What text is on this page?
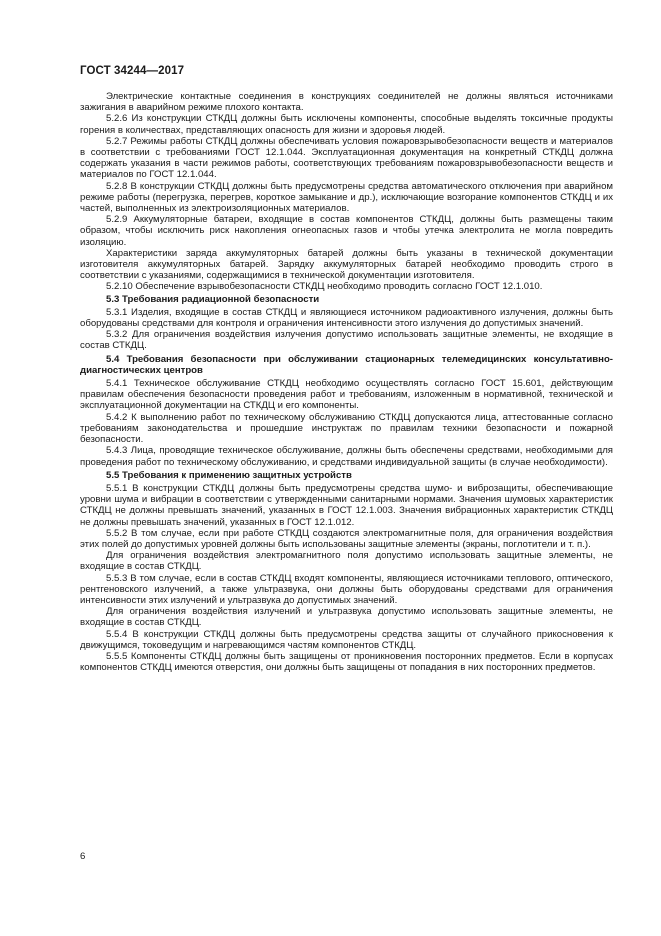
ГОСТ 34244—2017

Электрические контактные соединения в конструкциях соединителей не должны являться источниками зажигания в аварийном режиме плохого контакта.

5.2.6 Из конструкции СТКДЦ должны быть исключены компоненты, способные выделять токсичные продукты горения в количествах, представляющих опасность для жизни и здоровья людей.

5.2.7 Режимы работы СТКДЦ должны обеспечивать условия пожаровзрывобезопасности веществ и материалов в соответствии с требованиями ГОСТ 12.1.044. Эксплуатационная документация на конкретный СТКДЦ должна содержать указания в части режимов работы, соответствующих требованиям пожаровзрывобезопасности веществ и материалов по ГОСТ 12.1.044.

5.2.8 В конструкции СТКДЦ должны быть предусмотрены средства автоматического отключения при аварийном режиме работы (перегрузка, перегрев, короткое замыкание и др.), исключающие возгорание компонентов СТКДЦ и их частей, выполненных из электроизоляционных материалов.

5.2.9 Аккумуляторные батареи, входящие в состав компонентов СТКДЦ, должны быть размещены таким образом, чтобы исключить риск накопления огнеопасных газов и чтобы утечка электролита не могла повредить изоляцию.

Характеристики заряда аккумуляторных батарей должны быть указаны в технической документации изготовителя аккумуляторных батарей. Зарядку аккумуляторных батарей необходимо проводить строго в соответствии с указаниями, содержащимися в технической документации изготовителя.

5.2.10 Обеспечение взрывобезопасности СТКДЦ необходимо проводить согласно ГОСТ 12.1.010.

5.3 Требования радиационной безопасности

5.3.1 Изделия, входящие в состав СТКДЦ и являющиеся источником радиоактивного излучения, должны быть оборудованы средствами для контроля и ограничения интенсивности этого излучения до допустимых значений.

5.3.2 Для ограничения воздействия излучения допустимо использовать защитные элементы, не входящие в состав СТКДЦ.

5.4 Требования безопасности при обслуживании стационарных телемедицинских консультативно-диагностических центров

5.4.1 Техническое обслуживание СТКДЦ необходимо осуществлять согласно ГОСТ 15.601, действующим правилам обеспечения безопасности проведения работ и требованиям, изложенным в нормативной, технической и эксплуатационной документации на СТКДЦ и его компоненты.

5.4.2 К выполнению работ по техническому обслуживанию СТКДЦ допускаются лица, аттестованные согласно требованиям законодательства и прошедшие инструктаж по правилам техники безопасности и пожарной безопасности.

5.4.3 Лица, проводящие техническое обслуживание, должны быть обеспечены средствами, необходимыми для проведения работ по техническому обслуживанию, и средствами индивидуальной защиты (в случае необходимости).

5.5 Требования к применению защитных устройств

5.5.1 В конструкции СТКДЦ должны быть предусмотрены средства шумо- и виброзащиты, обеспечивающие уровни шума и вибрации в соответствии с утвержденными санитарными нормами. Значения шумовых характеристик СТКДЦ не должны превышать значений, указанных в ГОСТ 12.1.003. Значения вибрационных характеристик СТКДЦ не должны превышать значений, указанных в ГОСТ 12.1.012.

5.5.2 В том случае, если при работе СТКДЦ создаются электромагнитные поля, для ограничения воздействия этих полей до допустимых уровней должны быть использованы защитные элементы (экраны, поглотители и т. п.).

Для ограничения воздействия электромагнитного поля допустимо использовать защитные элементы, не входящие в состав СТКДЦ.

5.5.3 В том случае, если в состав СТКДЦ входят компоненты, являющиеся источниками теплового, оптического, рентгеновского излучений, а также ультразвука, они должны быть оборудованы средствами для ограничения интенсивности этих излучений и ультразвука до допустимых значений.

Для ограничения воздействия излучений и ультразвука допустимо использовать защитные элементы, не входящие в состав СТКДЦ.

5.5.4 В конструкции СТКДЦ должны быть предусмотрены средства защиты от случайного прикосновения к движущимся, токоведущим и нагревающимся частям компонентов СТКДЦ.

5.5.5 Компоненты СТКДЦ должны быть защищены от проникновения посторонних предметов. Если в корпусах компонентов СТКДЦ имеются отверстия, они должны быть защищены от попадания в них посторонних предметов.

6
